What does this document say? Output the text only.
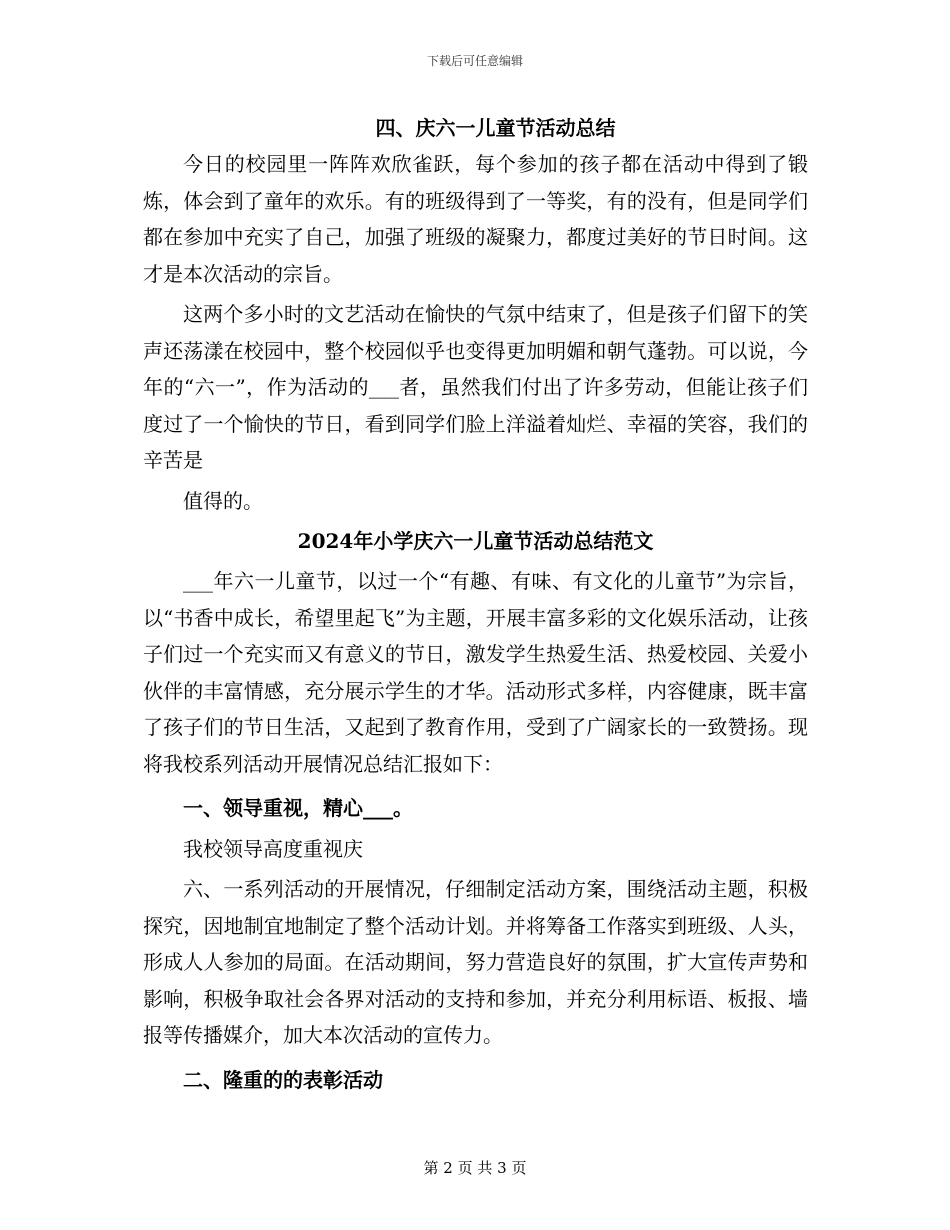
下载后可任意编辑
四、庆六一儿童节活动总结

今日的校园里一阵阵欢欣雀跃，每个参加的孩子都在活动中得到了锻炼，体会到了童年的欢乐。有的班级得到了一等奖，有的没有，但是同学们都在参加中充实了自己，加强了班级的凝聚力，都度过美好的节日时间。这才是本次活动的宗旨。

这两个多小时的文艺活动在愉快的气氛中结束了，但是孩子们留下的笑声还荡漾在校园中，整个校园似乎也变得更加明媚和朝气蓬勃。可以说，今年的“六一”，作为活动的___者，虽然我们付出了许多劳动，但能让孩子们度过了一个愉快的节日，看到同学们脸上洋溢着灿烂、幸福的笑容，我们的辛苦是

值得的。

2024年小学庆六一儿童节活动总结范文

___年六一儿童节，以过一个“有趣、有味、有文化的儿童节”为宗旨，以“书香中成长，希望里起飞”为主题，开展丰富多彩的文化娱乐活动，让孩子们过一个充实而又有意义的节日，激发学生热爱生活、热爱校园、关爱小伙伴的丰富情感，充分展示学生的才华。活动形式多样，内容健康，既丰富了孩子们的节日生活，又起到了教育作用，受到了广阔家长的一致赞扬。现将我校系列活动开展情况总结汇报如下：

一、领导重视，精心___。

我校领导高度重视庆

六、一系列活动的开展情况，仔细制定活动方案，围绕活动主题，积极探究，因地制宜地制定了整个活动计划。并将筹备工作落实到班级、人头，形成人人参加的局面。在活动期间，努力营造良好的氛围，扩大宣传声势和影响，积极争取社会各界对活动的支持和参加，并充分利用标语、板报、墙报等传播媒介，加大本次活动的宣传力。

二、隆重的的表彰活动

第 2 页 共 3 页
